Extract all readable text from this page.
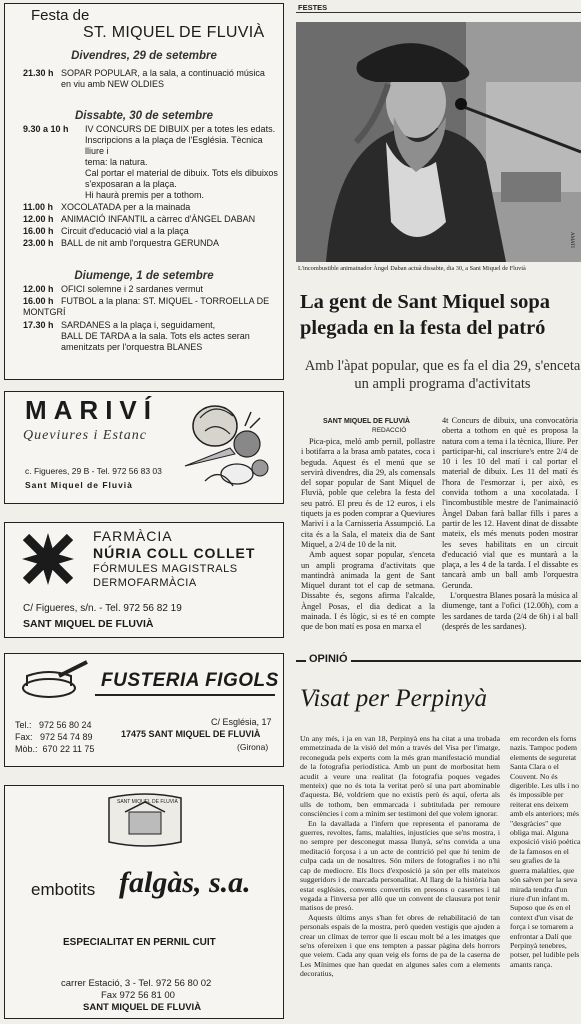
Festa de
ST. MIQUEL DE FLUVIÀ
Divendres, 29 de setembre
21.30 h SOPAR POPULAR, a la sala, a continuació música
en viu amb NEW OLDIES
Dissabte, 30 de setembre
9.30 a 10 h IV CONCURS DE DIBUIX per a totes les edats.
Inscripcions a la plaça de l'Església. Tècnica lliure i
tema: la natura.
Cal portar el material de dibuix. Tots els dibuixos
s'exposaran a la plaça.
Hi haurà premis per a tothom.
11.00 h XOCOLATADA per a la mainada
12.00 h ANIMACIÓ INFANTIL a càrrec d'ÀNGEL DABAN
16.00 h Circuit d'educació vial a la plaça
23.00 h BALL de nit amb l'orquestra GERUNDA
Diumenge, 1 de setembre
12.00 h OFICI solemne i 2 sardanes vermut
16.00 h FUTBOL a la plana: ST. MIQUEL - TORROELLA DE
MONTGRÍ
17.30 h SARDANES a la plaça i, seguidament,
BALL DE TARDA a la sala. Tots els actes seran
amenitzats per l'orquestra BLANES
MARIVÍ
Queviures i Estanc
c. Figueres, 29 B - Tel. 972 56 83 03
Sant Miquel de Fluvià
FARMÀCIA
NÚRIA COLL COLLET
FÓRMULES MAGISTRALS
DERMOFARMÀCIA
C/ Figueres, s/n. - Tel. 972 56 82 19
SANT MIQUEL DE FLUVIÀ
FUSTERIA FIGOLS
Tel.:   972 56 80 24
Fax:   972 54 74 89
Mòb.:  670 22 11 75
C/ Església, 17
17475 SANT MIQUEL DE FLUVIÀ
(Girona)
SANT MIQUEL DE FLUVIÀ
embotits falgàs, s.a.
ESPECIALITAT EN PERNIL CUIT
carrer Estació, 3 - Tel. 972 56 80 02
Fax 972 56 81 00
SANT MIQUEL DE FLUVIÀ
FESTES
AMATI
L'incombustible animainador Àngel Daban actuà dissabte, dia 30, a Sant Miquel de Fluvià
La gent de Sant Miquel sopa plegada en la festa del patró
Amb l'àpat popular, que es fa el dia 29, s'enceta un ampli programa d'activitats
SANT MIQUEL DE FLUVIÀ
REDACCIÓ

Pica-pica, meló amb pernil, pollastre i botifarra a la brasa amb patates, coca i beguda. Aquest és el menú que se servirà divendres, dia 29, als comensals del sopar popular de Sant Miquel de Fluvià, poble que celebra la festa del seu patró. El preu és de 12 euros, i els tiquets ja es poden comprar a Queviures Mariví i a la Carnisseria Assumpció. La cita és a la Sala, el mateix dia de Sant Miquel, a 2/4 de 10 de la nit.

Amb aquest sopar popular, s'enceta un ampli programa d'activitats que mantindrà animada la gent de Sant Miquel durant tot el cap de setmana. Dissabte és, segons afirma l'alcalde, Àngel Posas, el dia dedicat a la mainada. I és lògic, si es té en compte que de bon matí es posa en marxa el

4t Concurs de dibuix, una convocatòria oberta a tothom en què es proposa la natura com a tema i la tècnica, lliure. Per participar-hi, cal inscriure's entre 2/4 de 10 i les 10 del matí i cal portar el material de dibuix. Les 11 del matí és l'hora de l'esmorzar i, per això, es convida tothom a una xocolatada. I l'incombustible mestre de l'animainació Àngel Daban farà ballar fills i pares a partir de les 12. Havent dinat de dissabte mateix, els més menuts poden mostrar les seves habilitats en un circuit d'educació vial que es muntarà a la plaça, a les 4 de la tarda. I el dissabte es tancarà amb un ball amb l'orquestra Gerunda.

L'orquestra Blanes posarà la música al diumenge, tant a l'ofici (12.00h), com a les sardanes de tarda (2/4 de 6h) i al ball (després de les sardanes).

OPINIÓ
Visat per Perpinyà

Un any més, i ja en van 18, Perpinyà ens ha citat a una trobada emmetzinada de la visió del món a través del Visa per l'imatge, reconeguda pels experts com la més gran manifestació mundial de la fotografia periodística. Amb un punt de morbositat hem acudit a veure una realitat (la fotografia poques vegades menteix) que no és tota la veritat però sí una part abominable d'aquesta. Bé, voldríem que no existís però és aquí, oferta als ulls de tothom, ben emmarcada i subtitulada per remoure consciències i com a mínim ser testimoni del que volem ignorar.

En la davallada a l'infern que representa el panorama de guerres, revoltes, fams, malalties, injustícies que se'ns mostra, i no sempre per desconegut massa llunyà, se'ns convida a una meditació forçosa i a un acte de contrició pel que hi tenim de culpa cada un de nosaltres. Són milers de fotografies i no n'hi cap de mediocre. Els llocs d'exposició ja són per ells mateixos suggeridors i de marcada personalitat. Al llarg de la història han estat esglésies, convents convertits en presons o casernes i tal vegada a l'inversa per allò que un convent de clausura pot tenir matisos de presó.

Aquests últims anys s'han fet obres de rehabilitació de tan personals espais de la mostra, però queden vestigis que ajuden a crear un clímax de terror que li escau molt bé a les imatges que se'ns ofereixen i que ens tempten a passar pàgina dels horrors que veiem. Cada any quan veig els forns de pa de la caserna de Les Mínimes que han quedat en algunes sales com a elements decoratius,

em recorden els forns nazis. Tampoc podem elements de seguretat Santa Clara o el Couvent. No és digerible. Les ulls i no és impossible per reiterat ens deixem amb els anteriors; més "desgràcies" que obliga mai. Alguna exposició visió poètica de la famosos en el seu grafies de la guerra malalties, que són salven per la seva mirada tendra d'un riure d'un infant m. Suposo que és en el context d'un visat de força i se tornarem a enfrontar a Dalí que Perpinyà tenebres, potser, pel ludible pels amants rança.
